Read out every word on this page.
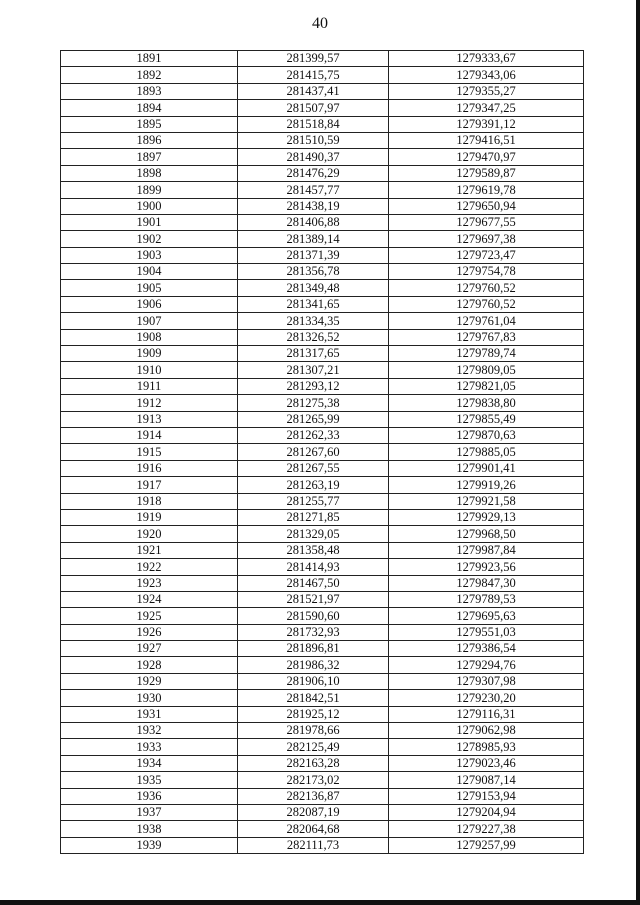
40
1891	281399,57	1279333,67
1892	281415,75	1279343,06
1893	281437,41	1279355,27
1894	281507,97	1279347,25
1895	281518,84	1279391,12
1896	281510,59	1279416,51
1897	281490,37	1279470,97
1898	281476,29	1279589,87
1899	281457,77	1279619,78
1900	281438,19	1279650,94
1901	281406,88	1279677,55
1902	281389,14	1279697,38
1903	281371,39	1279723,47
1904	281356,78	1279754,78
1905	281349,48	1279760,52
1906	281341,65	1279760,52
1907	281334,35	1279761,04
1908	281326,52	1279767,83
1909	281317,65	1279789,74
1910	281307,21	1279809,05
1911	281293,12	1279821,05
1912	281275,38	1279838,80
1913	281265,99	1279855,49
1914	281262,33	1279870,63
1915	281267,60	1279885,05
1916	281267,55	1279901,41
1917	281263,19	1279919,26
1918	281255,77	1279921,58
1919	281271,85	1279929,13
1920	281329,05	1279968,50
1921	281358,48	1279987,84
1922	281414,93	1279923,56
1923	281467,50	1279847,30
1924	281521,97	1279789,53
1925	281590,60	1279695,63
1926	281732,93	1279551,03
1927	281896,81	1279386,54
1928	281986,32	1279294,76
1929	281906,10	1279307,98
1930	281842,51	1279230,20
1931	281925,12	1279116,31
1932	281978,66	1279062,98
1933	282125,49	1278985,93
1934	282163,28	1279023,46
1935	282173,02	1279087,14
1936	282136,87	1279153,94
1937	282087,19	1279204,94
1938	282064,68	1279227,38
1939	282111,73	1279257,99
